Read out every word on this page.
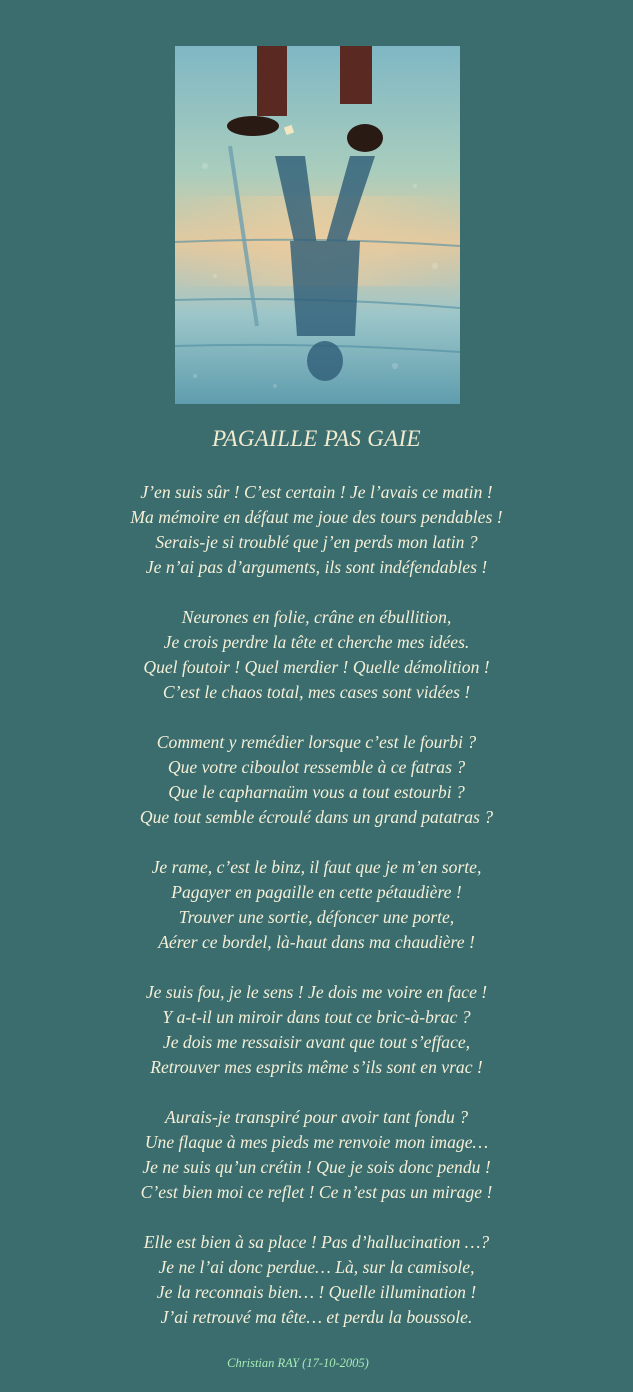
PAGAILLE PAS GAIE
J’en suis sûr ! C’est certain ! Je l’avais ce matin !
Ma mémoire en défaut me joue des tours pendables !
Serais-je si troublé que j’en perds mon latin ?
Je n’ai pas d’arguments, ils sont indéfendables !
Neurones en folie, crâne en ébullition,
Je crois perdre la tête et cherche mes idées.
Quel foutoir ! Quel merdier ! Quelle démolition !
C’est le chaos total, mes cases sont vidées !
Comment y remédier lorsque c’est le fourbi ?
Que votre ciboulot ressemble à ce fatras ?
Que le capharnaüm vous a tout estourbi ?
Que tout semble écroulé dans un grand patatras ?
Je rame, c’est le binz, il faut que je m’en sorte,
Pagayer en pagaille en cette pétaudière !
Trouver une sortie, défoncer une porte,
Aérer ce bordel, là-haut dans ma chaudière !
Je suis fou, je le sens ! Je dois me voire en face !
Y a-t-il un miroir dans tout ce bric-à-brac ?
Je dois me ressaisir avant que tout s’efface,
Retrouver mes esprits même s’ils sont en vrac !
Aurais-je transpiré pour avoir tant fondu ?
Une flaque à mes pieds me renvoie mon image…
Je ne suis qu’un crétin ! Que je sois donc pendu !
C’est bien moi ce reflet ! Ce n’est pas un mirage !
Elle est bien à sa place ! Pas d’hallucination …?
Je ne l’ai donc perdue… Là, sur la camisole,
Je la reconnais bien… ! Quelle illumination !
J’ai retrouvé ma tête… et perdu la boussole.
Christian RAY (17-10-2005)
